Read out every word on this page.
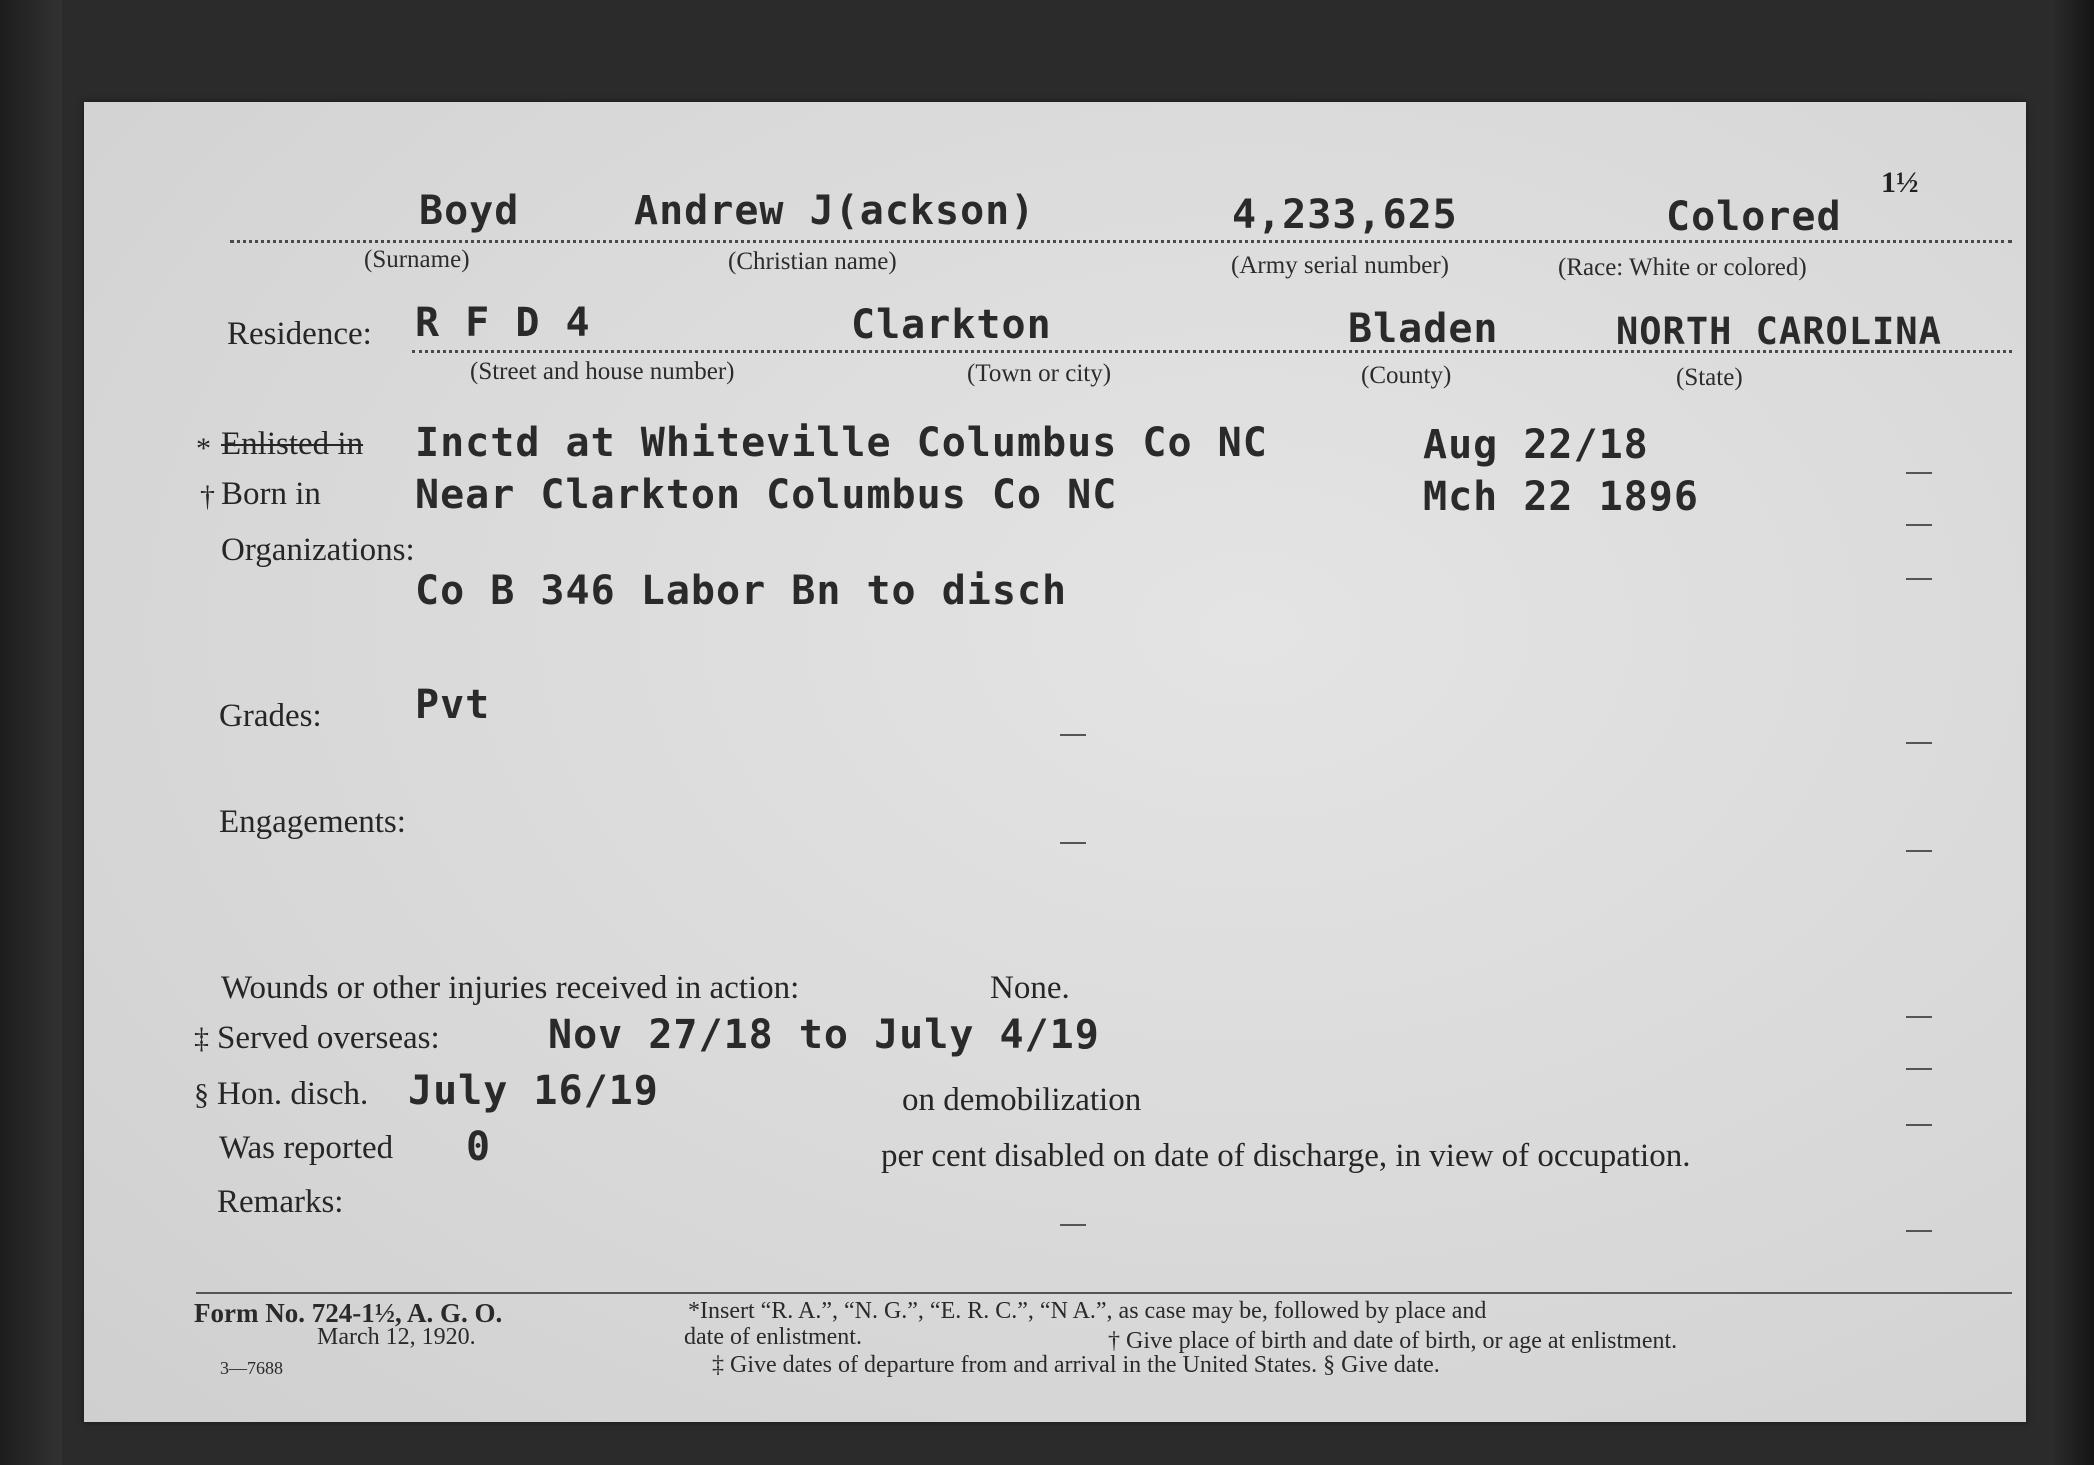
1½
Boyd	Andrew J(ackson)	4,233,625	Colored
(Surname)	(Christian name)	(Army serial number)	(Race: White or colored)
Residence: R F D 4	Clarkton	Bladen	NORTH CAROLINA
(Street and house number)	(Town or city)	(County)	(State)
* Enlisted in Inctd at Whiteville Columbus Co NC	Aug 22/18
† Born in Near Clarkton Columbus Co NC	Mch 22 1896
Organizations:
Co B 346 Labor Bn to disch
Grades: Pvt
Engagements:
Wounds or other injuries received in action:	None.
‡ Served overseas:	Nov 27/18 to July 4/19
§ Hon. disch. July 16/19	on demobilization
Was reported 0	per cent disabled on date of discharge, in view of occupation.
Remarks:
Form No. 724-1½, A. G. O.
March 12, 1920.
3—7688
*Insert “R. A.”, “N. G.”, “E. R. C.”, “N A.”, as case may be, followed by place and
date of enlistment.	† Give place of birth and date of birth, or age at enlistment.
‡ Give dates of departure from and arrival in the United States. § Give date.
